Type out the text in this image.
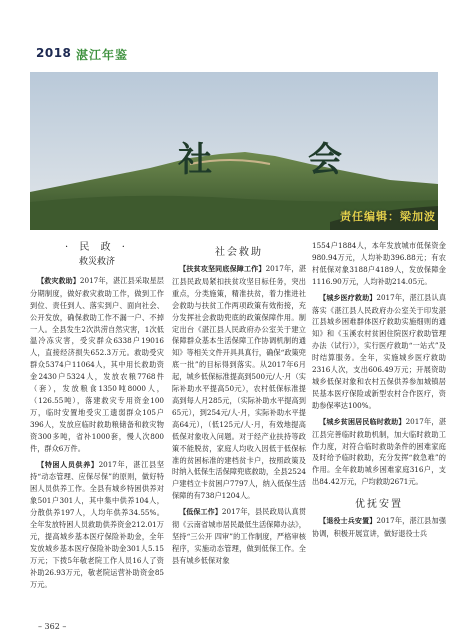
2018 湛江年鉴
社	会
责任编辑：梁加波
· 民 政 ·
救災救济

【救灾救助】2017年，湛江县采取星层分期制度，做好救灾救助工作，做到工作到位、责任到人、落实到户、面向社会、公开发放，确保救助工作不漏一户、不掉一人。全县发生2次洪涝自然灾害，1次低温冷冻灾害，受灾群众6338户19016人，直接经济损失652.3万元。救助受灾群众5374户11064人，其中用长救助资金2430户5324人，发放农粮7768件（套），发放粮食1350吨8000人，（126.55吨），落建救灾专用资金100万，临时安置地受灾工遗弱群众105户396人，发放应临时救助粮储备和救灾物资300多吨，省补1000套，慢人次800件，群众6万件。

【特困人员供养】2017年，湛江县坚持“动态管理、应保尽保”的原则，做好特困人员供养工作。全县有城乡特困供养对象501户301人，其中集中供养104人，分散供养197人，人均年供养34.55%。全年发放特困人员救助供养资金212.01万元，提高城乡基本医疗保险补助金，全年发放城乡基本医疗保险补助金301人5.15万元；下拨5年敬老院工作人员16人了资补助26.93万元，敬老院运营补助资金85万元。

社会救助

【扶贫攻坚同底保障工作】2017年，湛江县民政局紧扣扶贫攻坚目标任务，突出重点，分类施策，精准扶贫，着力推进社会救助与扶贫工作两项政策有效衔接，充分发挥社会救助兜底的政策保障作用。制定出台《湛江县人民政府办公室关于建立保障群众基本生活保障工作协调机制的通知》等相关文件开具具真行，确保“政策兜底一批”的目标得到落实。从2017年6月起，城乡低保标准提高到500元/人·月（实际补助水平提高50元），农村低保标准提高到每人月285元，（实际补助水平提高到65元），到254元/人·月，实际补助水平提高64元），（低125元/人·月，有效地提高低保对象收入问题。对于经产业扶持等政策不能脱贫，家庭人均收入因低于低保标准的贫困标准的建档贫卡户，按照政策及时纳入低保生活保障兜底救助，全县2524户建档立卡贫困户7797人，纳入低保生活保障的有738户1204人。

【低保工作】2017年，县民政局认真贯彻《云南省城市居民最低生活保障办法》，坚持“三公开 四审”的工作制度，严格审核程序，实施动态管理，做到低保工作。全县有城乡低保对象

1554户1884人，本年发放城市低保资金980.94万元，人均补助396.88元；有农村低保对象3188户4189人，发放保障金1116.90万元，人均补助214.05元。

【城乡医疗救助】2017年，湛江县认真落实《湛江县人民政府办公室关于印发湛江县城乡困难群体医疗救助实施细则的通知》和《玉溪农村贫困住院医疗救助管理办法（试行）》，实行医疗救助“一站式”及时结算服务。全年，实施城乡医疗救助2316人次，支出606.49万元；开展资助城乡低保对象和农村五保供养参加城镇居民基本医疗保险或新型农村合作医疗，资助参保率达100%。

【城乡贫困居民临时救助】2017年，湛江县完善临时救助机制，加大临时救助工作力度，对符合临时救助条件的困难家庭及时给予临时救助，充分发挥“救急难”的作用。全年救助城乡困难家庭316户，支出84.42万元，户均救助2671元。

优抚安置

【退役士兵安置】2017年，湛江县加强协调，积极开展宣讲，做好退役士兵

– 362 –
